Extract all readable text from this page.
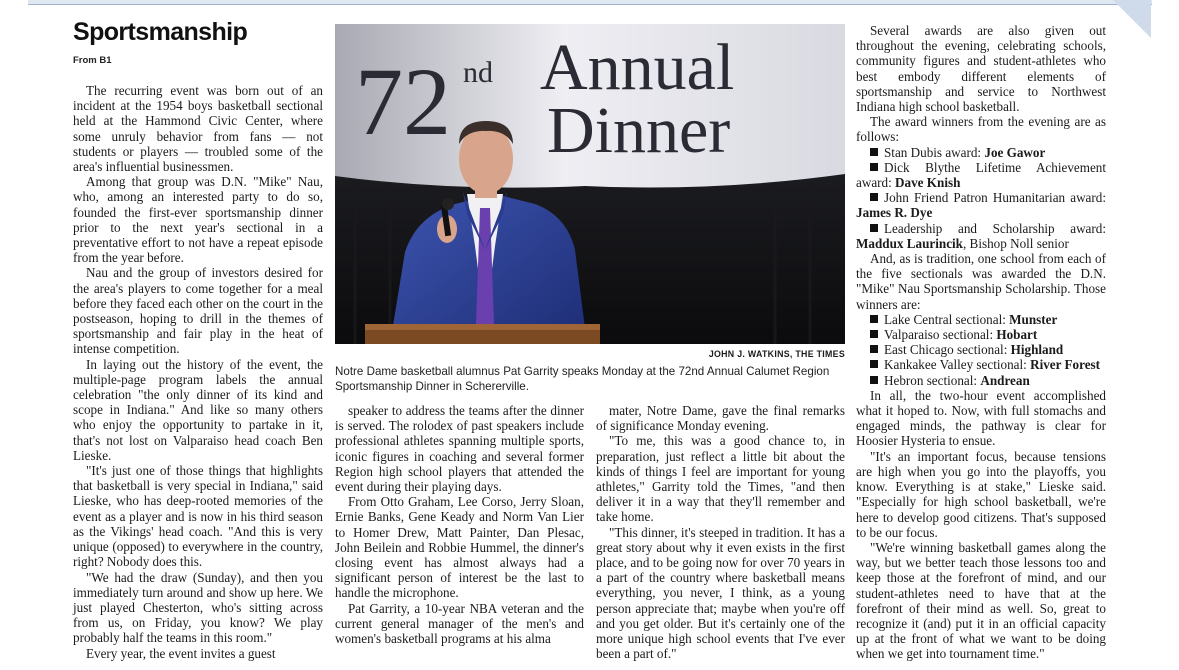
Sportsmanship
From B1

The recurring event was born out of an incident at the 1954 boys basketball sectional held at the Hammond Civic Center, where some unruly behavior from fans — not students or players — troubled some of the area's influential businessmen.

Among that group was D.N. "Mike" Nau, who, among an interested party to do so, founded the first-ever sportsmanship dinner prior to the next year's sectional in a preventative effort to not have a repeat episode from the year before.

Nau and the group of investors desired for the area's players to come together for a meal before they faced each other on the court in the postseason, hoping to drill in the themes of sportsmanship and fair play in the heat of intense competition.

In laying out the history of the event, the multiple-page program labels the annual celebration "the only dinner of its kind and scope in Indiana." And like so many others who enjoy the opportunity to partake in it, that's not lost on Valparaiso head coach Ben Lieske.

"It's just one of those things that highlights that basketball is very special in Indiana," said Lieske, who has deep-rooted memories of the event as a player and is now in his third season as the Vikings' head coach. "And this is very unique (opposed) to everywhere in the country, right? Nobody does this.

"We had the draw (Sunday), and then you immediately turn around and show up here. We just played Chesterton, who's sitting across from us, on Friday, you know? We play probably half the teams in this room."

Every year, the event invites a guest

72 nd Annual
Dinner
JOHN J. WATKINS, THE TIMES
Notre Dame basketball alumnus Pat Garrity speaks Monday at the 72nd Annual Calumet Region Sportsmanship Dinner in Schererville.

speaker to address the teams after the dinner is served. The rolodex of past speakers include professional athletes spanning multiple sports, iconic figures in coaching and several former Region high school players that attended the event during their playing days.

From Otto Graham, Lee Corso, Jerry Sloan, Ernie Banks, Gene Keady and Norm Van Lier to Homer Drew, Matt Painter, Dan Plesac, John Beilein and Robbie Hummel, the dinner's closing event has almost always had a significant person of interest be the last to handle the microphone.

Pat Garrity, a 10-year NBA veteran and the current general manager of the men's and women's basketball programs at his alma

mater, Notre Dame, gave the final remarks of significance Monday evening.

"To me, this was a good chance to, in preparation, just reflect a little bit about the kinds of things I feel are important for young athletes," Garrity told the Times, "and then deliver it in a way that they'll remember and take home.

"This dinner, it's steeped in tradition. It has a great story about why it even exists in the first place, and to be going now for over 70 years in a part of the country where basketball means everything, you never, I think, as a young person appreciate that; maybe when you're off and you get older. But it's certainly one of the more unique high school events that I've ever been a part of."

Several awards are also given out throughout the evening, celebrating schools, community figures and student-athletes who best embody different elements of sportsmanship and service to Northwest Indiana high school basketball.

The award winners from the evening are as follows:

Stan Dubis award: Joe Gawor

Dick Blythe Lifetime Achievement award: Dave Knish

John Friend Patron Humanitarian award: James R. Dye

Leadership and Scholarship award: Maddux Laurincik, Bishop Noll senior

And, as is tradition, one school from each of the five sectionals was awarded the D.N. "Mike" Nau Sportsmanship Scholarship. Those winners are:

Lake Central sectional: Munster

Valparaiso sectional: Hobart

East Chicago sectional: Highland

Kankakee Valley sectional: River Forest

Hebron sectional: Andrean

In all, the two-hour event accomplished what it hoped to. Now, with full stomachs and engaged minds, the pathway is clear for Hoosier Hysteria to ensue.

"It's an important focus, because tensions are high when you go into the playoffs, you know. Everything is at stake," Lieske said. "Especially for high school basketball, we're here to develop good citizens. That's supposed to be our focus.

"We're winning basketball games along the way, but we better teach those lessons too and keep those at the forefront of mind, and our student-athletes need to have that at the forefront of their mind as well. So, great to recognize it (and) put it in an official capacity up at the front of what we want to be doing when we get into tournament time."
